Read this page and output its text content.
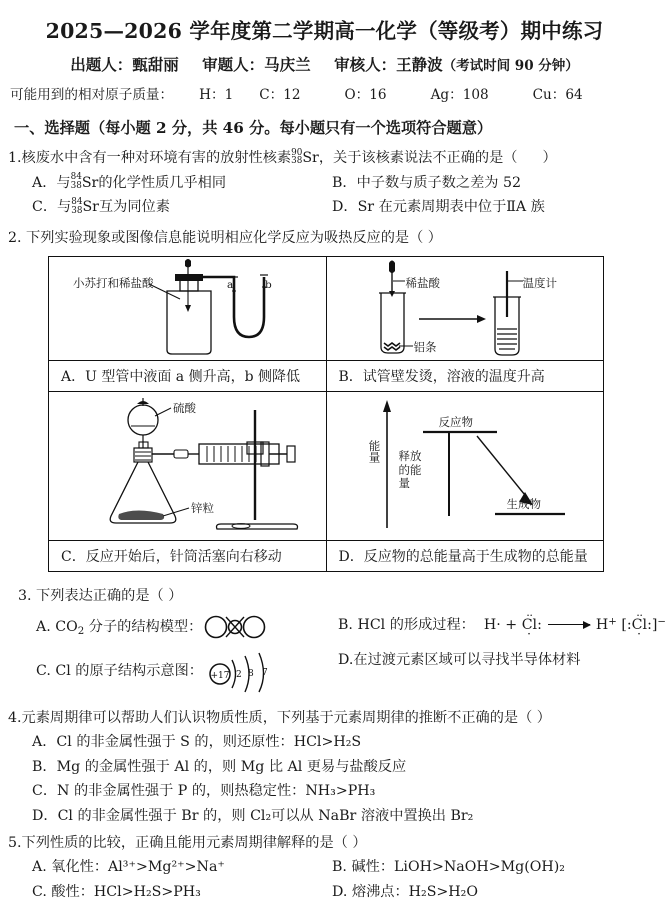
2025—2026 学年度第二学期高一化学（等级考）期中练习
出题人：甄甜丽 审题人：马庆兰 审核人：王静波（考试时间 90 分钟）
可能用到的相对原子质量： H：1 C：12	O：16	Ag：108	Cu：64
一、选择题（每小题 2 分，共 46 分。每小题只有一个选项符合题意）
1.核废水中含有一种对环境有害的放射性核素 90
38 Sr，关于该核素说法不正确的是（ ）
A．与 84
38 Sr的化学性质几乎相同	B．中子数与质子数之差为 52
C．与 84
38 Sr互为同位素	D．Sr 在元素周期表中位于ⅡA 族
2. 下列实验现象或图像信息能说明相应化学反应为吸热反应的是（ ）
小苏打和稀盐酸	a	b	稀盐酸	温度计
铝条

A．U 型管中液面 a 侧升高，b 侧降低	B．试管壁发烫，溶液的温度升高

硫酸
锌粒

能量
反应物
释放的能量
生成物

C．反应开始后，针筒活塞向右移动	D．反应物的总能量高于生成物的总能量
3. 下列表达正确的是（ ）
A. $CO_2$ 分子的结构模型：	B. HCl 的形成过程： H· + ·· Cl ·: → H+ [:·· Cl ·:]−
C. Cl 的原子结构示意图： +17 2 8 7
D.在过渡元素区域可以寻找半导体材料
4.元素周期律可以帮助人们认识物质性质，下列基于元素周期律的推断不正确的是（ ）
A．Cl 的非金属性强于 S 的，则还原性：HCl>H₂S
B．Mg 的金属性强于 Al 的，则 Mg 比 Al 更易与盐酸反应
C．N 的非金属性强于 P 的，则热稳定性：NH₃>PH₃
D．Cl 的非金属性强于 Br 的，则 Cl₂可以从 NaBr 溶液中置换出 Br₂
5.下列性质的比较，正确且能用元素周期律解释的是（ ）
A. 氧化性：Al³⁺>Mg²⁺>Na⁺	B. 碱性：LiOH>NaOH>Mg(OH)₂
C. 酸性：HCl>H₂S>PH₃	D. 熔沸点：H₂S>H₂O
